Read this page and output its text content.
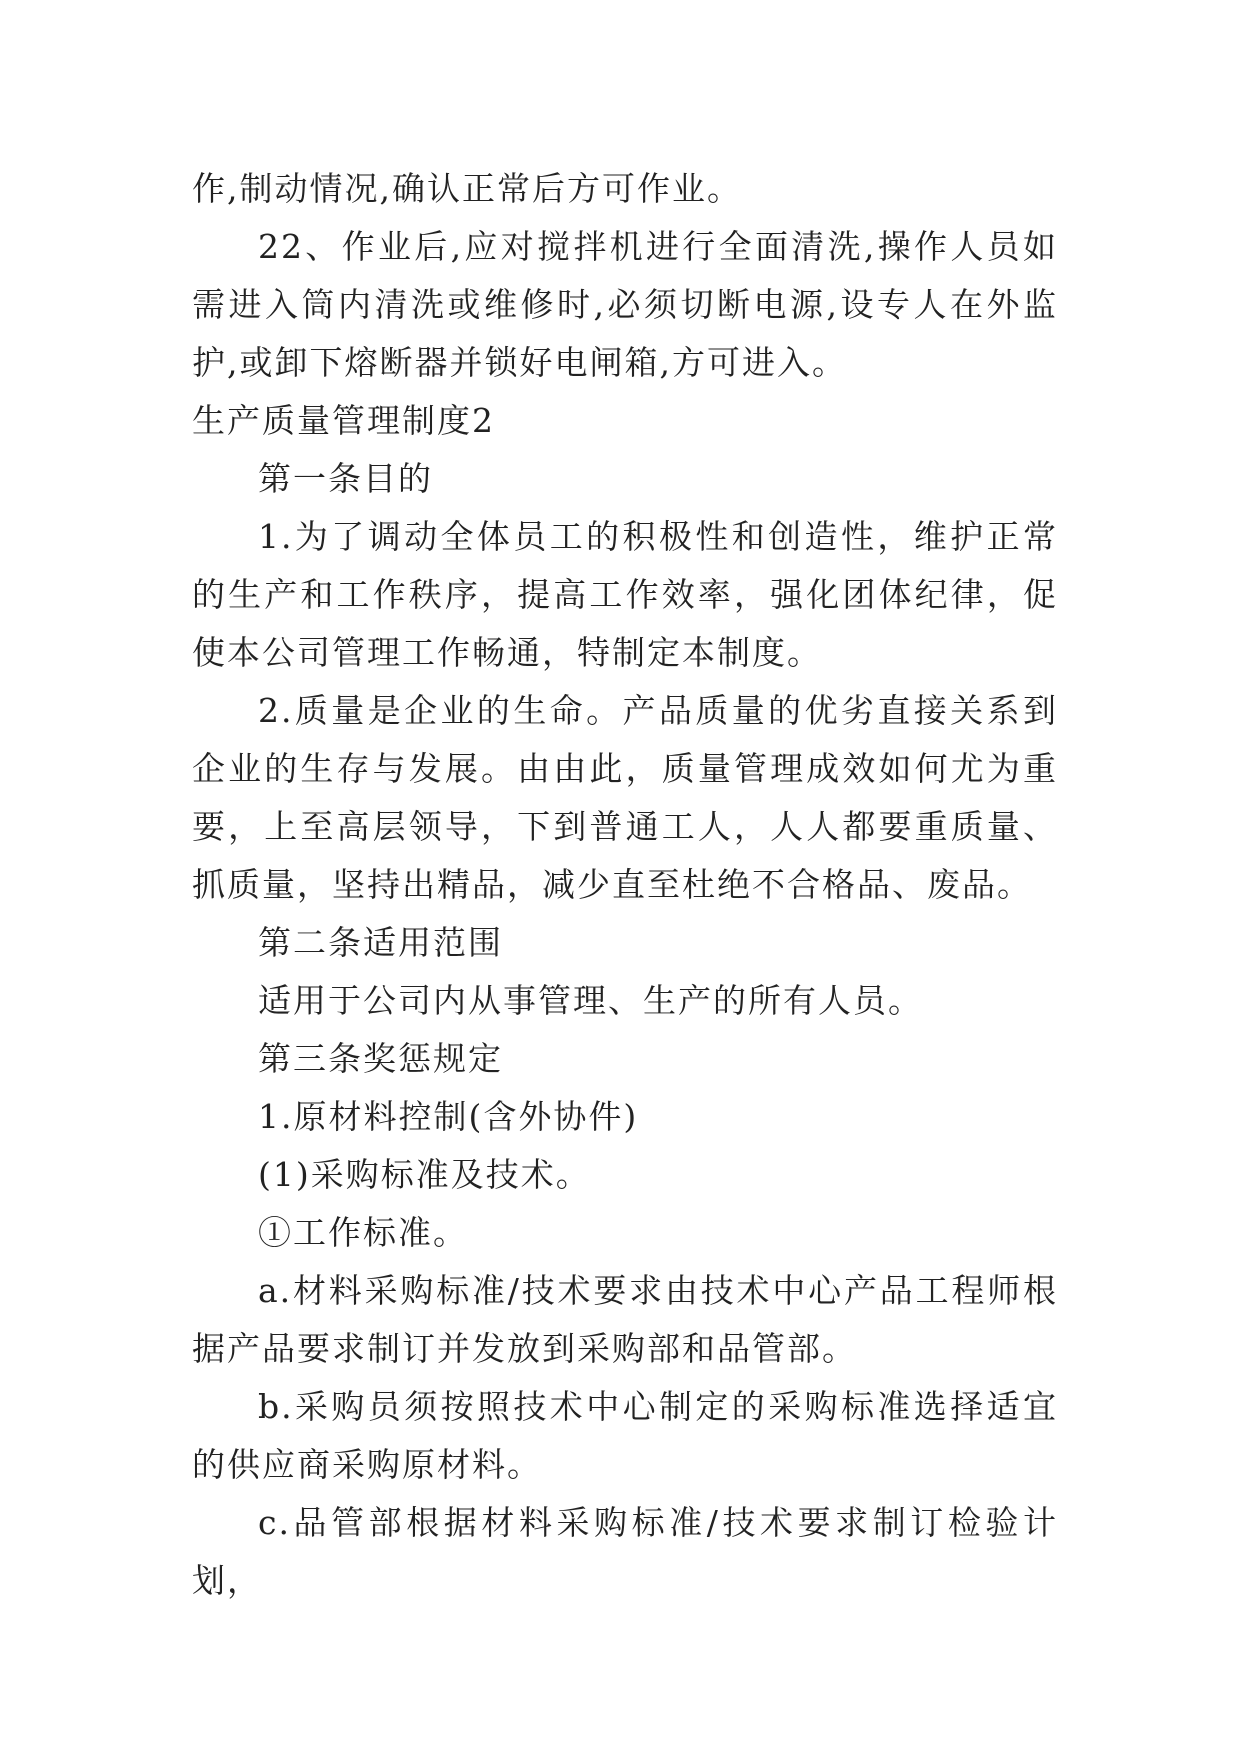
作,制动情况,确认正常后方可作业。

22、作业后,应对搅拌机进行全面清洗,操作人员如需进入筒内清洗或维修时,必须切断电源,设专人在外监护,或卸下熔断器并锁好电闸箱,方可进入。

生产质量管理制度2

第一条目的

1.为了调动全体员工的积极性和创造性，维护正常的生产和工作秩序，提高工作效率，强化团体纪律，促使本公司管理工作畅通，特制定本制度。

2.质量是企业的生命。产品质量的优劣直接关系到企业的生存与发展。由由此，质量管理成效如何尤为重要，上至高层领导，下到普通工人，人人都要重质量、抓质量，坚持出精品，减少直至杜绝不合格品、废品。

第二条适用范围

适用于公司内从事管理、生产的所有人员。

第三条奖惩规定

1.原材料控制(含外协件)

(1)采购标准及技术。

①工作标准。

a.材料采购标准/技术要求由技术中心产品工程师根据产品要求制订并发放到采购部和品管部。

b.采购员须按照技术中心制定的采购标准选择适宜的供应商采购原材料。

c.品管部根据材料采购标准/技术要求制订检验计划，
